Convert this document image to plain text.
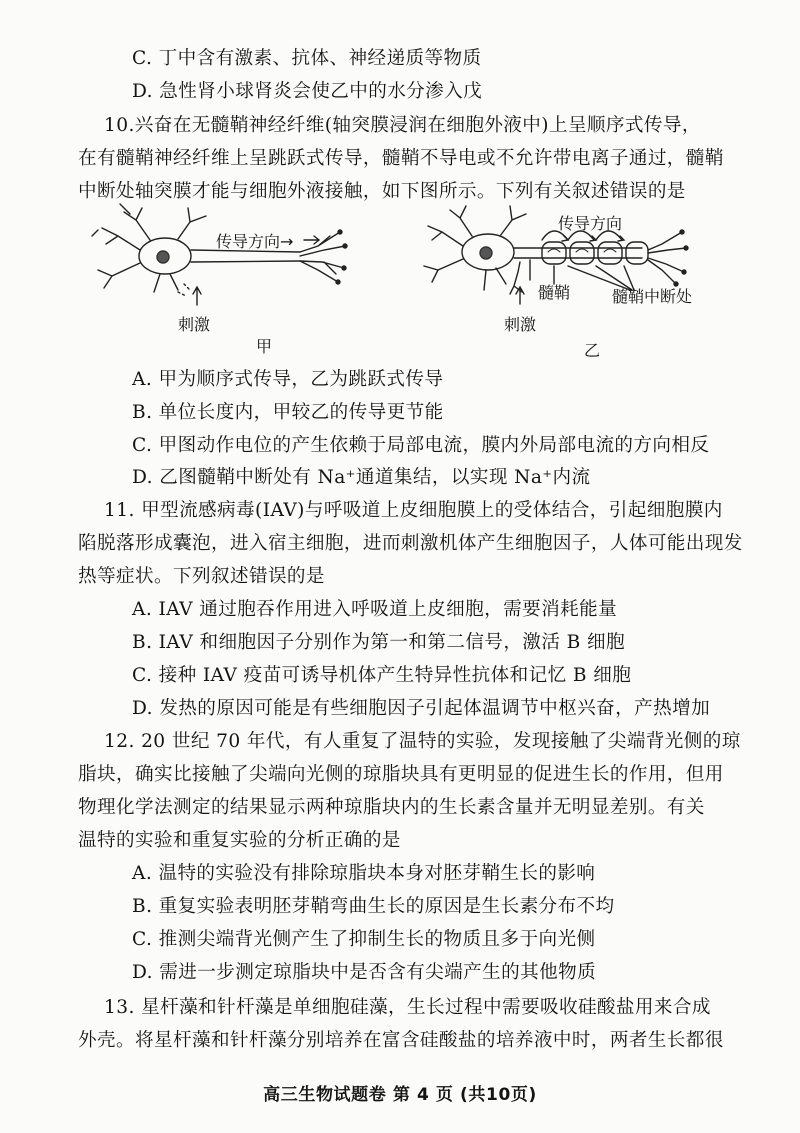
C. 丁中含有激素、抗体、神经递质等物质
D. 急性肾小球肾炎会使乙中的水分渗入戊
10.兴奋在无髓鞘神经纤维(轴突膜浸润在细胞外液中)上呈顺序式传导，
在有髓鞘神经纤维上呈跳跃式传导，髓鞘不导电或不允许带电离子通过，髓鞘
中断处轴突膜才能与细胞外液接触，如下图所示。下列有关叙述错误的是
传导方向→
传导方向
刺激	刺激
髓鞘	髓鞘中断处
甲	乙
A. 甲为顺序式传导，乙为跳跃式传导
B. 单位长度内，甲较乙的传导更节能
C. 甲图动作电位的产生依赖于局部电流，膜内外局部电流的方向相反
D. 乙图髓鞘中断处有 Na⁺通道集结，以实现 Na⁺内流
11. 甲型流感病毒(IAV)与呼吸道上皮细胞膜上的受体结合，引起细胞膜内
陷脱落形成囊泡，进入宿主细胞，进而刺激机体产生细胞因子，人体可能出现发
热等症状。下列叙述错误的是
A. IAV 通过胞吞作用进入呼吸道上皮细胞，需要消耗能量
B. IAV 和细胞因子分别作为第一和第二信号，激活 B 细胞
C. 接种 IAV 疫苗可诱导机体产生特异性抗体和记忆 B 细胞
D. 发热的原因可能是有些细胞因子引起体温调节中枢兴奋，产热增加
12. 20 世纪 70 年代，有人重复了温特的实验，发现接触了尖端背光侧的琼
脂块，确实比接触了尖端向光侧的琼脂块具有更明显的促进生长的作用，但用
物理化学法测定的结果显示两种琼脂块内的生长素含量并无明显差别。有关
温特的实验和重复实验的分析正确的是
A. 温特的实验没有排除琼脂块本身对胚芽鞘生长的影响
B. 重复实验表明胚芽鞘弯曲生长的原因是生长素分布不均
C. 推测尖端背光侧产生了抑制生长的物质且多于向光侧
D. 需进一步测定琼脂块中是否含有尖端产生的其他物质
13. 星杆藻和针杆藻是单细胞硅藻，生长过程中需要吸收硅酸盐用来合成
外壳。将星杆藻和针杆藻分别培养在富含硅酸盐的培养液中时，两者生长都很
高三生物试题卷 第 4 页 (共10页)
